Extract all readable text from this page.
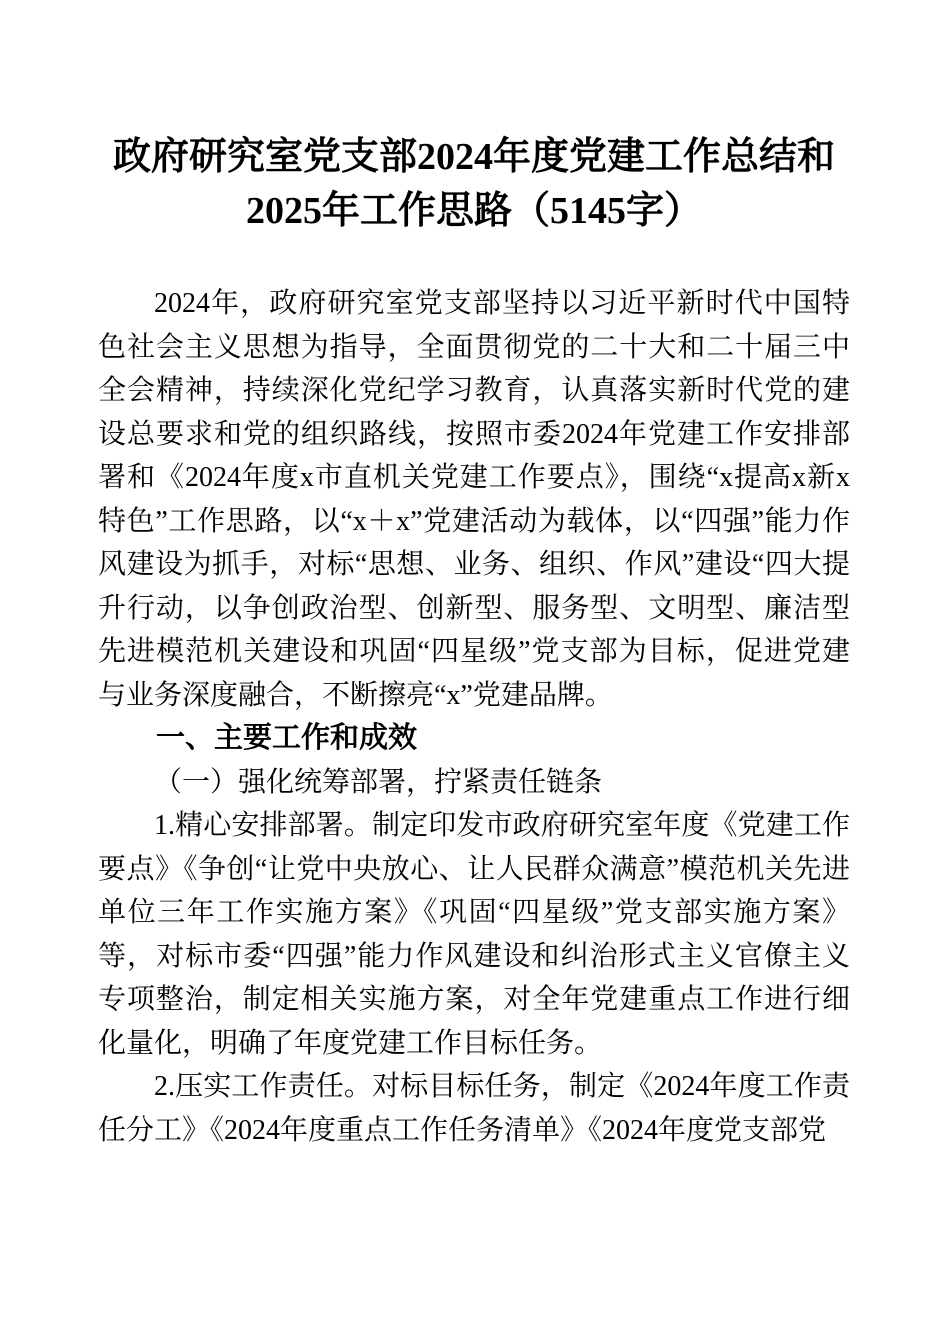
政府研究室党支部2024年度党建工作总结和
2025年工作思路（5145字）

2024年，政府研究室党支部坚持以习近平新时代中国特色社会主义思想为指导，全面贯彻党的二十大和二十届三中全会精神，持续深化党纪学习教育，认真落实新时代党的建设总要求和党的组织路线，按照市委2024年党建工作安排部署和《2024年度x市直机关党建工作要点》，围绕“x提高x新x特色”工作思路，以“x＋x”党建活动为载体，以“四强”能力作风建设为抓手，对标“思想、业务、组织、作风”建设“四大提升行动，以争创政治型、创新型、服务型、文明型、廉洁型先进模范机关建设和巩固“四星级”党支部为目标，促进党建与业务深度融合，不断擦亮“x”党建品牌。

一、主要工作和成效
（一）强化统筹部署，拧紧责任链条

1.精心安排部署。制定印发市政府研究室年度《党建工作要点》《争创“让党中央放心、让人民群众满意”模范机关先进单位三年工作实施方案》《巩固“四星级”党支部实施方案》等，对标市委“四强”能力作风建设和纠治形式主义官僚主义专项整治，制定相关实施方案，对全年党建重点工作进行细化量化，明确了年度党建工作目标任务。

2.压实工作责任。对标目标任务，制定《2024年度工作责任分工》《2024年度重点工作任务清单》《2024年度党支部党
